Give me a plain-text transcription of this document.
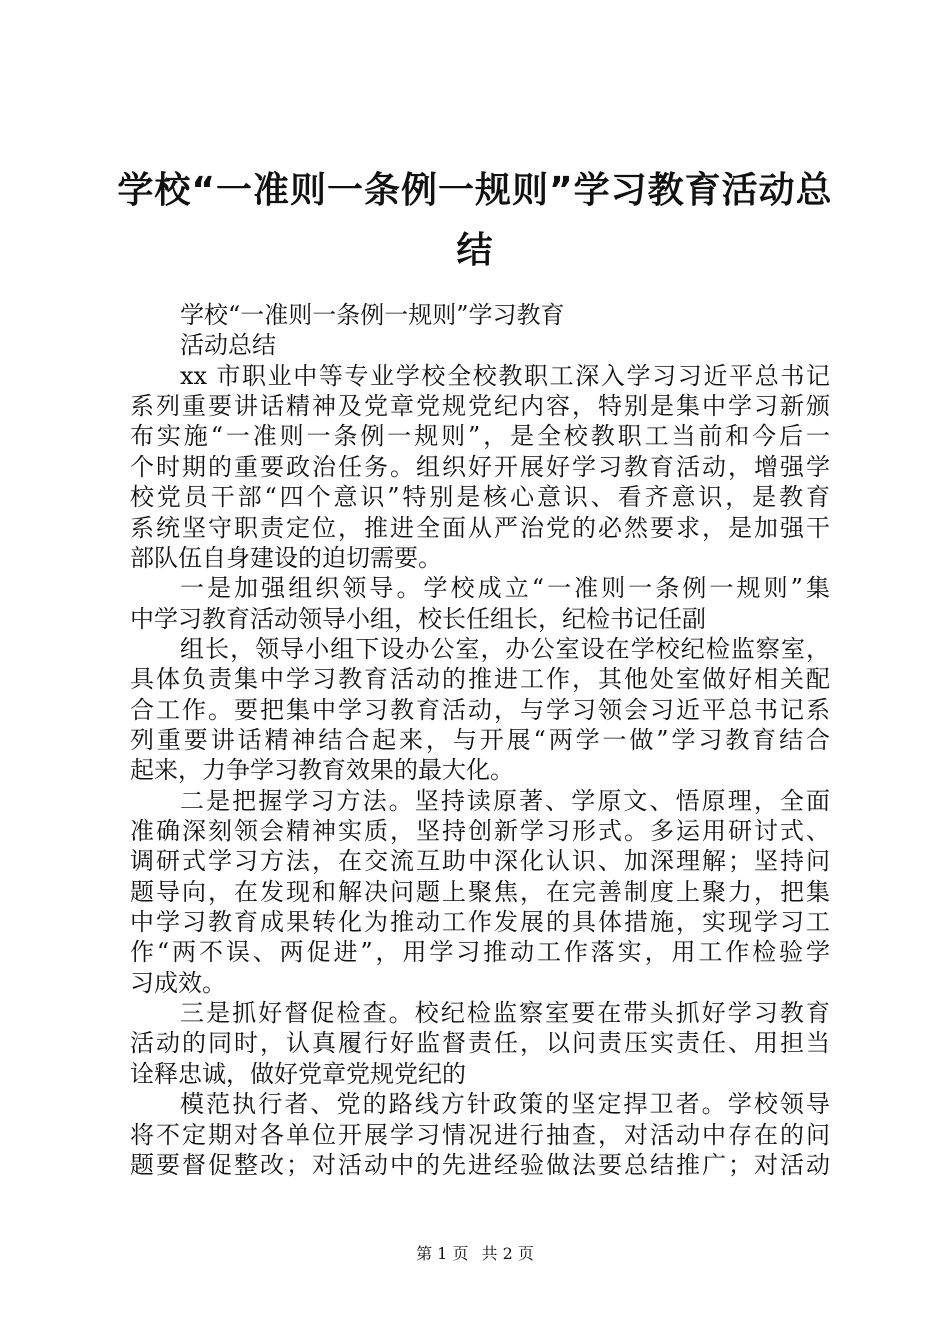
学校“一准则一条例一规则”学习教育活动总
结
学校“一准则一条例一规则”学习教育
活动总结
xx 市职业中等专业学校全校教职工深入学习习近平总书记
系列重要讲话精神及党章党规党纪内容，特别是集中学习新颁
布实施“一准则一条例一规则”，是全校教职工当前和今后一
个时期的重要政治任务。组织好开展好学习教育活动，增强学
校党员干部“四个意识”特别是核心意识、看齐意识，是教育
系统坚守职责定位，推进全面从严治党的必然要求，是加强干
部队伍自身建设的迫切需要。
一是加强组织领导。学校成立“一准则一条例一规则”集
中学习教育活动领导小组，校长任组长，纪检书记任副
组长，领导小组下设办公室，办公室设在学校纪检监察室，
具体负责集中学习教育活动的推进工作，其他处室做好相关配
合工作。要把集中学习教育活动，与学习领会习近平总书记系
列重要讲话精神结合起来，与开展“两学一做”学习教育结合
起来，力争学习教育效果的最大化。
二是把握学习方法。坚持读原著、学原文、悟原理，全面
准确深刻领会精神实质，坚持创新学习形式。多运用研讨式、
调研式学习方法，在交流互助中深化认识、加深理解；坚持问
题导向，在发现和解决问题上聚焦，在完善制度上聚力，把集
中学习教育成果转化为推动工作发展的具体措施，实现学习工
作“两不误、两促进”，用学习推动工作落实，用工作检验学
习成效。
三是抓好督促检查。校纪检监察室要在带头抓好学习教育
活动的同时，认真履行好监督责任，以问责压实责任、用担当
诠释忠诚，做好党章党规党纪的
模范执行者、党的路线方针政策的坚定捍卫者。学校领导
将不定期对各单位开展学习情况进行抽查，对活动中存在的问
题要督促整改；对活动中的先进经验做法要总结推广；对活动
第 1 页 共 2 页
